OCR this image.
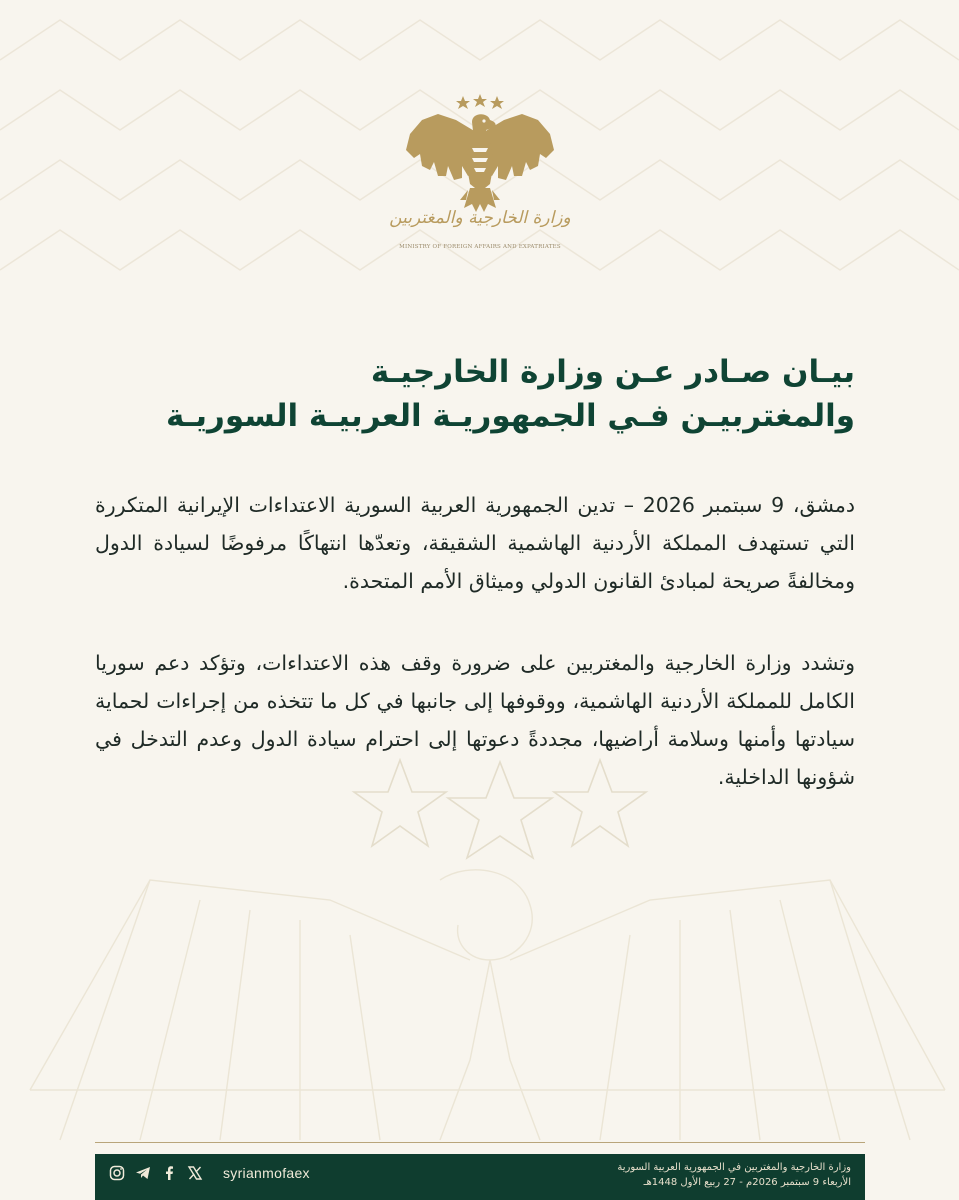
وزارة الخارجية والمغتربين
MINISTRY OF FOREIGN AFFAIRS AND EXPATRIATES
بيـان صـادر عـن وزارة الخارجيـة
والمغتربيـن فـي الجمهوريـة العربيـة السوريـة
دمشق، 9 سبتمبر 2026 – تدين الجمهورية العربية السورية الاعتداءات الإيرانية المتكررة التي تستهدف المملكة الأردنية الهاشمية الشقيقة، وتعدّها انتهاكًا مرفوضًا لسيادة الدول ومخالفةً صريحة لمبادئ القانون الدولي وميثاق الأمم المتحدة.
وتشدد وزارة الخارجية والمغتربين على ضرورة وقف هذه الاعتداءات، وتؤكد دعم سوريا الكامل للمملكة الأردنية الهاشمية، ووقوفها إلى جانبها في كل ما تتخذه من إجراءات لحماية سيادتها وأمنها وسلامة أراضيها، مجددةً دعوتها إلى احترام سيادة الدول وعدم التدخل في شؤونها الداخلية.
syrianmofaex	وزارة الخارجية والمغتربين في الجمهورية العربية السورية
الأربعاء 9 سبتمبر 2026م - 27 ربيع الأول 1448هـ
